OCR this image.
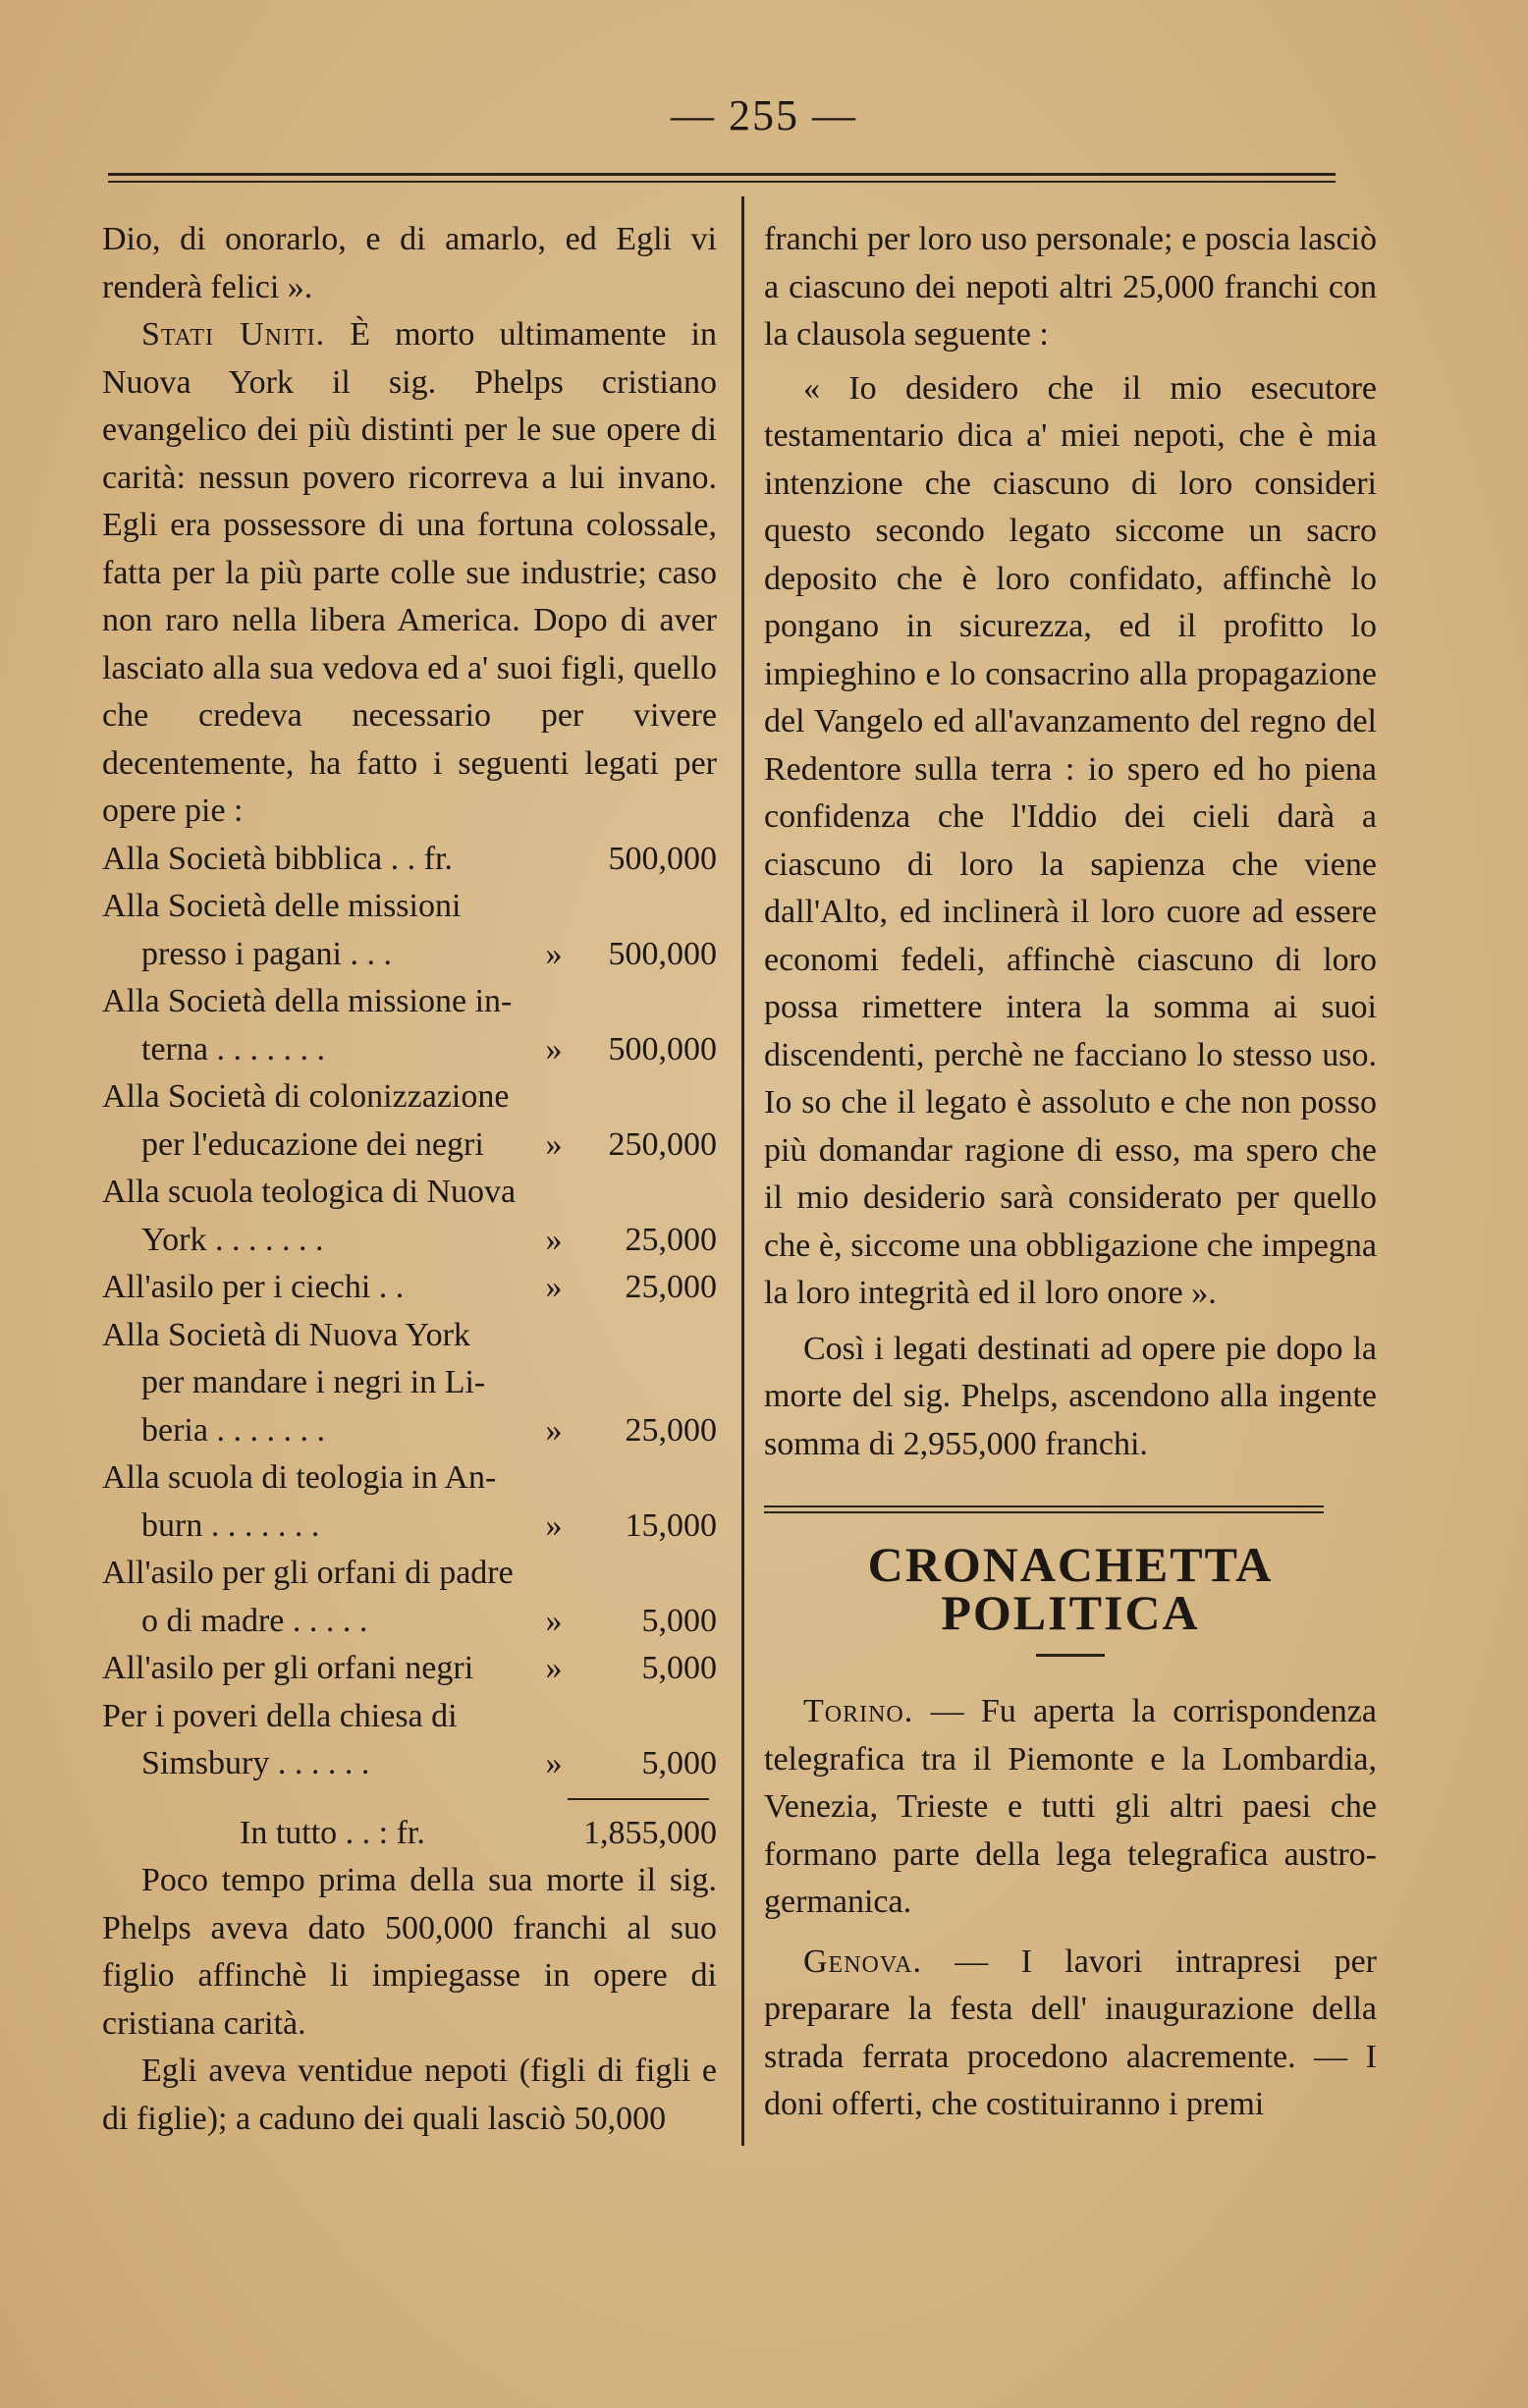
— 255 —

Dio, di onorarlo, e di amarlo, ed Egli vi renderà felici ».

Stati Uniti. È morto ultimamente in Nuova York il sig. Phelps cristiano evangelico dei più distinti per le sue opere di carità: nessun povero ricorreva a lui invano. Egli era possessore di una fortuna colossale, fatta per la più parte colle sue industrie; caso non raro nella libera America. Dopo di aver lasciato alla sua vedova ed a' suoi figli, quello che credeva necessario per vivere decentemente, ha fatto i seguenti legati per opere pie :

Alla Società bibblica . . fr.	500,000
Alla Società delle missioni
presso i pagani . . .	»	500,000
Alla Società della missione in-
terna . . . . . . .	»	500,000
Alla Società di colonizzazione
per l'educazione dei negri	»	250,000
Alla scuola teologica di Nuova
York . . . . . . .	»	25,000
All'asilo per i ciechi . .	»	25,000
Alla Società di Nuova York
per mandare i negri in Li-
beria . . . . . . .	»	25,000
Alla scuola di teologia in An-
burn . . . . . . .	»	15,000
All'asilo per gli orfani di padre
o di madre . . . . .	»	5,000
All'asilo per gli orfani negri	»	5,000
Per i poveri della chiesa di
Simsbury . . . . . .	»	5,000
In tutto . . : fr.	1,855,000

Poco tempo prima della sua morte il sig. Phelps aveva dato 500,000 franchi al suo figlio affinchè li impiegasse in opere di cristiana carità.

Egli aveva ventidue nepoti (figli di figli e di figlie); a caduno dei quali lasciò 50,000

franchi per loro uso personale; e poscia lasciò a ciascuno dei nepoti altri 25,000 franchi con la clausola seguente :

« Io desidero che il mio esecutore testamentario dica a' miei nepoti, che è mia intenzione che ciascuno di loro consideri questo secondo legato siccome un sacro deposito che è loro confidato, affinchè lo pongano in sicurezza, ed il profitto lo impieghino e lo consacrino alla propagazione del Vangelo ed all'avanzamento del regno del Redentore sulla terra : io spero ed ho piena confidenza che l'Iddio dei cieli darà a ciascuno di loro la sapienza che viene dall'Alto, ed inclinerà il loro cuore ad essere economi fedeli, affinchè ciascuno di loro possa rimettere intera la somma ai suoi discendenti, perchè ne facciano lo stesso uso. Io so che il legato è assoluto e che non posso più domandar ragione di esso, ma spero che il mio desiderio sarà considerato per quello che è, siccome una obbligazione che impegna la loro integrità ed il loro onore ».

Così i legati destinati ad opere pie dopo la morte del sig. Phelps, ascendono alla ingente somma di 2,955,000 franchi.

CRONACHETTA POLITICA

Torino. — Fu aperta la corrispondenza telegrafica tra il Piemonte e la Lombardia, Venezia, Trieste e tutti gli altri paesi che formano parte della lega telegrafica austro-germanica.

Genova. — I lavori intrapresi per preparare la festa dell' inaugurazione della strada ferrata procedono alacremente. — I doni offerti, che costituiranno i premi
